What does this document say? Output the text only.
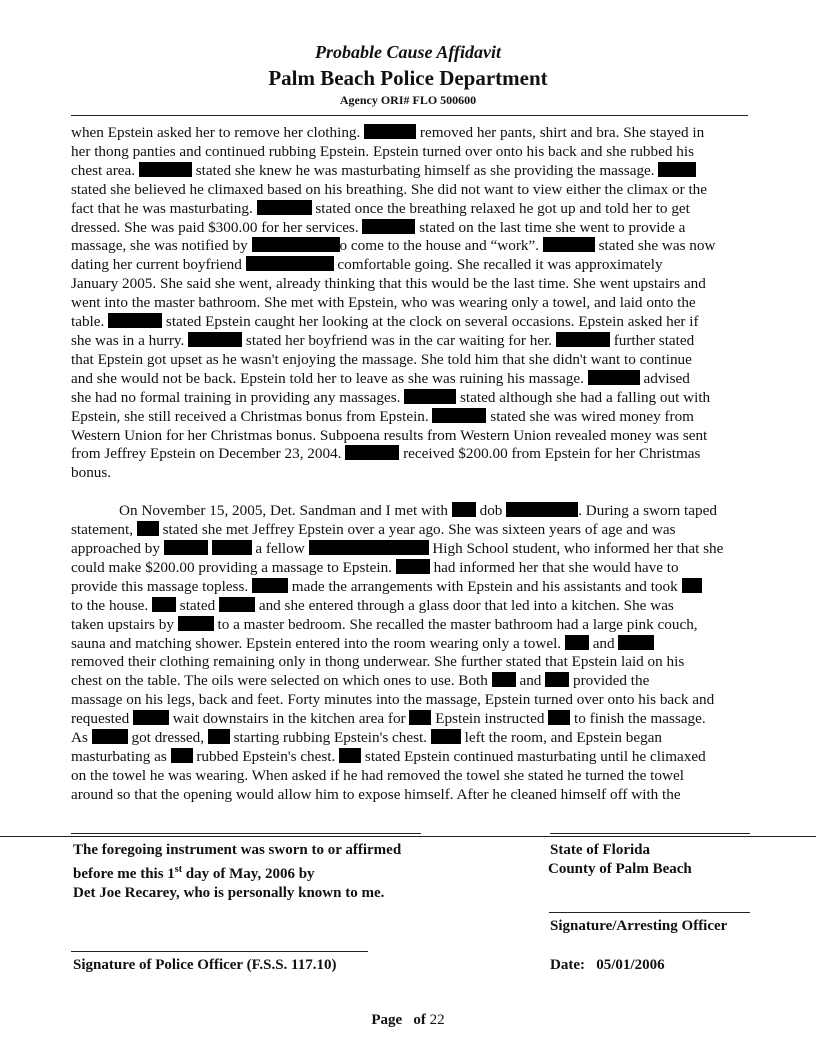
Probable Cause Affidavit
Palm Beach Police Department
Agency ORI# FLO 500600

when Epstein asked her to remove her clothing.	removed her pants, shirt and bra. She stayed in
her thong panties and continued rubbing Epstein. Epstein turned over onto his back and she rubbed his
chest area.	stated she knew he was masturbating himself as she providing the massage.
stated she believed he climaxed based on his breathing. She did not want to view either the climax or the
fact that he was masturbating.	stated once the breathing relaxed he got up and told her to get
dressed. She was paid $300.00 for her services.	stated on the last time she went to provide a
massage, she was notified by	o come to the house and “work”.	stated she was now
dating her current boyfriend	comfortable going. She recalled it was approximately
January 2005. She said she went, already thinking that this would be the last time. She went upstairs and
went into the master bathroom. She met with Epstein, who was wearing only a towel, and laid onto the
table.	stated Epstein caught her looking at the clock on several occasions. Epstein asked her if
she was in a hurry.	stated her boyfriend was in the car waiting for her.	further stated
that Epstein got upset as he wasn't enjoying the massage. She told him that she didn't want to continue
and she would not be back. Epstein told her to leave as she was ruining his massage.	advised
she had no formal training in providing any massages.	stated although she had a falling out with
Epstein, she still received a Christmas bonus from Epstein.	stated she was wired money from
Western Union for her Christmas bonus. Subpoena results from Western Union revealed money was sent
from Jeffrey Epstein on December 23, 2004.	received $200.00 from Epstein for her Christmas
bonus.

On November 15, 2005, Det. Sandman and I met with  dob	. During a sworn taped
statement,  stated she met Jeffrey Epstein over a year ago. She was sixteen years of age and was
approached by	a fellow	High School student, who informed her that she
could make $200.00 providing a massage to Epstein.  had informed her that she would have to
provide this massage topless.  made the arrangements with Epstein and his assistants and took
to the house.  stated  and she entered through a glass door that led into a kitchen. She was
taken upstairs by  to a master bedroom. She recalled the master bathroom had a large pink couch,
sauna and matching shower. Epstein entered into the room wearing only a towel.  and
removed their clothing remaining only in thong underwear. She further stated that Epstein laid on his
chest on the table. The oils were selected on which ones to use. Both  and  provided the
massage on his legs, back and feet. Forty minutes into the massage, Epstein turned over onto his back and
requested  wait downstairs in the kitchen area for  Epstein instructed  to finish the massage.
As  got dressed,  starting rubbing Epstein's chest.  left the room, and Epstein began
masturbating as  rubbed Epstein's chest.  stated Epstein continued masturbating until he climaxed
on the towel he was wearing. When asked if he had removed the towel she stated he turned the towel
around so that the opening would allow him to expose himself. After he cleaned himself off with the

The foregoing instrument was sworn to or affirmed
before me this 1st day of May, 2006 by
Det Joe Recarey, who is personally known to me.
State of Florida
County of Palm Beach
Signature/Arresting Officer
Signature of Police Officer (F.S.S. 117.10)	Date: 05/01/2006
Page of 22
